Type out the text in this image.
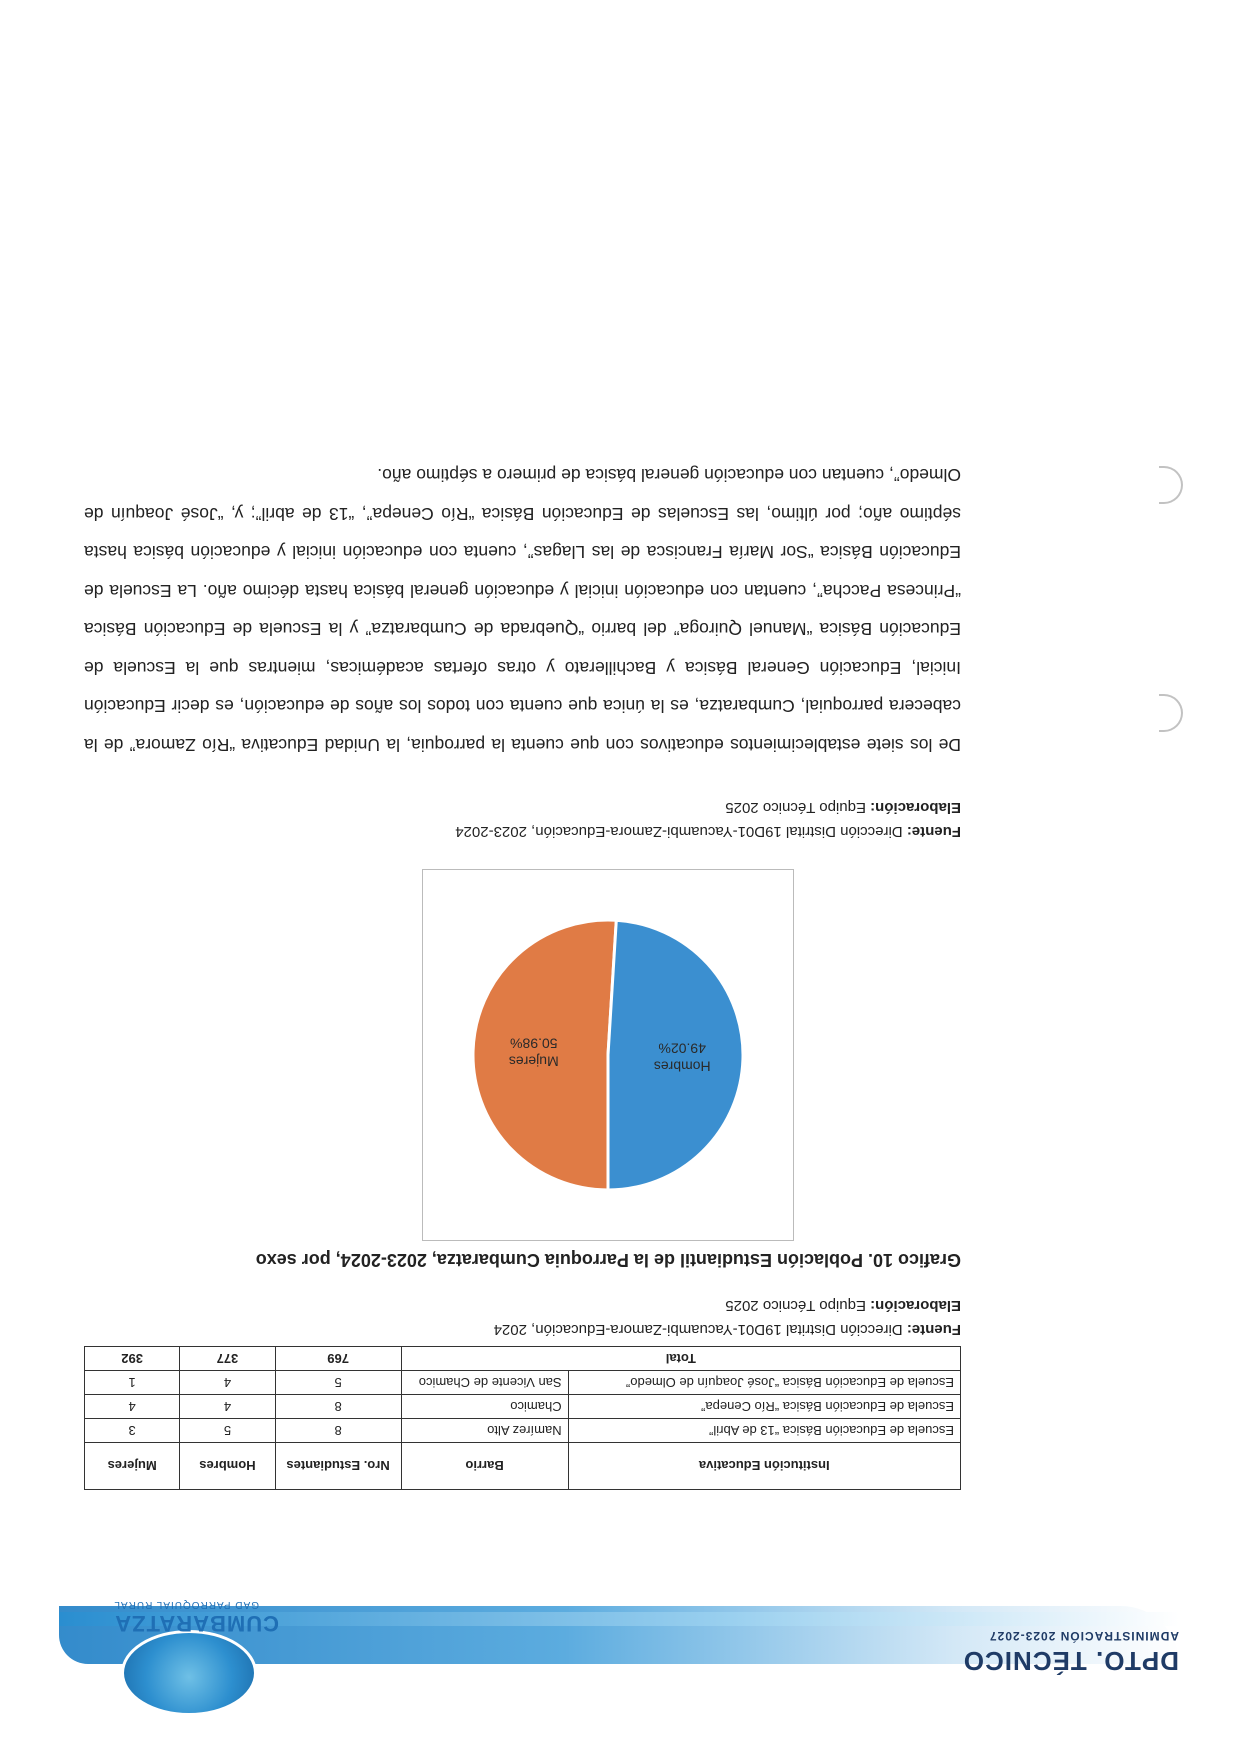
DPTO. TÉCNICO
ADMINISTRACIÓN 2023-2027
CUMBARATZA
GAD PARROQUIAL RURAL
Institución Educativa	Barrio	Nro. Estudiantes	Hombres	Mujeres
Escuela de Educación Básica “13 de Abril”	Namírez Alto	8	5	3
Escuela de Educación Básica “Río Cenepa”	Chamico	8	4	4
Escuela de Educación Básica “José Joaquín de Olmedo”	San Vicente de Chamico	5	4	1
Total		769	377	392
Fuente: Dirección Distrital 19D01-Yacuambi-Zamora-Educación, 2024
Elaboración: Equipo Técnico 2025
Grafico 10. Población Estudiantil de la Parroquia Cumbaratza, 2023-2024, por sexo
Mujeres
50.98%
Hombres
49.02%
Fuente: Dirección Distrital 19D01-Yacuambi-Zamora-Educación, 2023-2024
Elaboración: Equipo Técnico 2025
De los siete establecimientos educativos con que cuenta la parroquia, la Unidad Educativa “Río Zamora” de la cabecera parroquial, Cumbaratza, es la única que cuenta con todos los años de educación, es decir Educación Inicial, Educación General Básica y Bachillerato y otras ofertas académicas, mientras que la Escuela de Educación Básica “Manuel Quiroga” del barrio “Quebrada de Cumbaratza” y la Escuela de Educación Básica “Princesa Paccha”, cuentan con educación inicial y educación general básica hasta décimo año. La Escuela de Educación Básica “Sor María Francisca de las Llagas”, cuenta con educación inicial y educación básica hasta séptimo año; por último, las Escuelas de Educación Básica “Río Cenepa”, “13 de abril”; y, “José Joaquín de Olmedo”, cuentan con educación general básica de primero a séptimo año.
